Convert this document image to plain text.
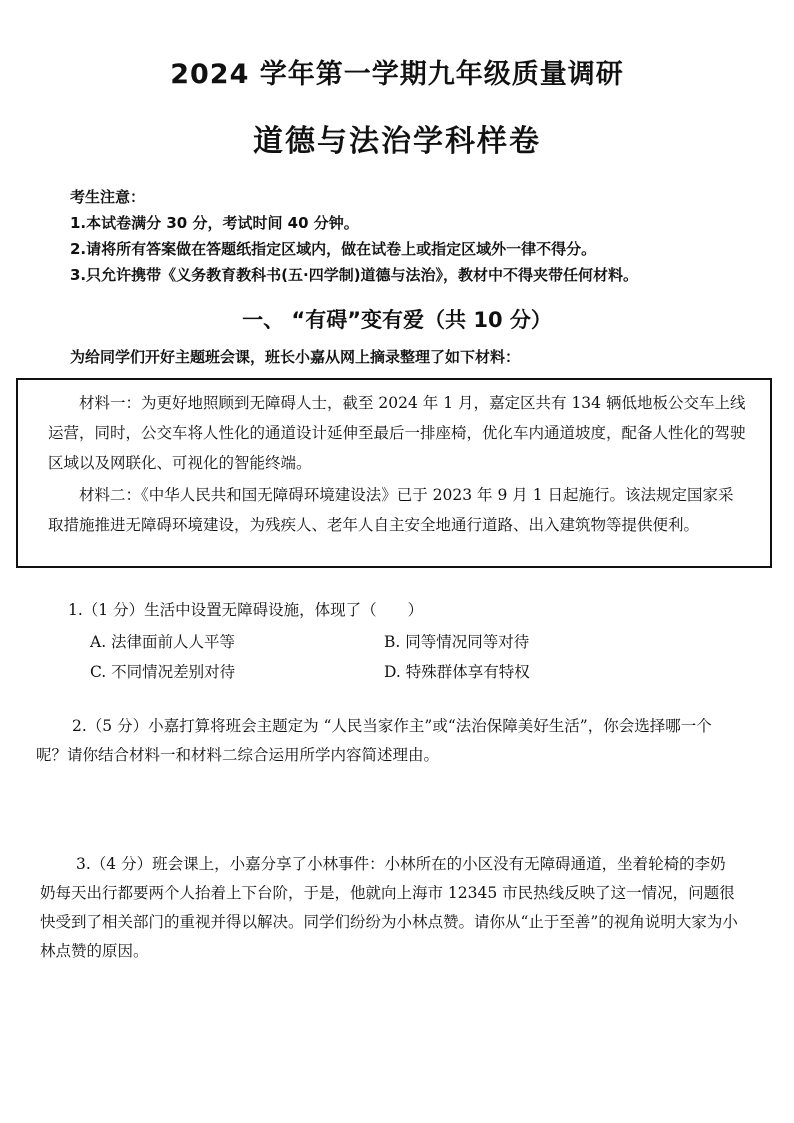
2024 学年第一学期九年级质量调研
道德与法治学科样卷
考生注意：
1.本试卷满分 30 分，考试时间 40 分钟。
2.请将所有答案做在答题纸指定区域内，做在试卷上或指定区域外一律不得分。
3.只允许携带《义务教育教科书(五·四学制)道德与法治》，教材中不得夹带任何材料。
一、 “有碍”变有爱（共 10 分）
为给同学们开好主题班会课，班长小嘉从网上摘录整理了如下材料：
材料一：为更好地照顾到无障碍人士，截至 2024 年 1 月，嘉定区共有 134 辆低地板公交车上线运营，同时，公交车将人性化的通道设计延伸至最后一排座椅，优化车内通道坡度，配备人性化的驾驶区域以及网联化、可视化的智能终端。
材料二：《中华人民共和国无障碍环境建设法》已于 2023 年 9 月 1 日起施行。该法规定国家采取措施推进无障碍环境建设，为残疾人、老年人自主安全地通行道路、出入建筑物等提供便利。
1.（1 分）生活中设置无障碍设施，体现了（　　）
A. 法律面前人人平等	B. 同等情况同等对待
C. 不同情况差别对待	D. 特殊群体享有特权
2.（5 分）小嘉打算将班会主题定为 “人民当家作主”或“法治保障美好生活”，你会选择哪一个呢？请你结合材料一和材料二综合运用所学内容简述理由。
3.（4 分）班会课上，小嘉分享了小林事件：小林所在的小区没有无障碍通道，坐着轮椅的李奶奶每天出行都要两个人抬着上下台阶，于是，他就向上海市 12345 市民热线反映了这一情况，问题很快受到了相关部门的重视并得以解决。同学们纷纷为小林点赞。请你从“止于至善”的视角说明大家为小林点赞的原因。
